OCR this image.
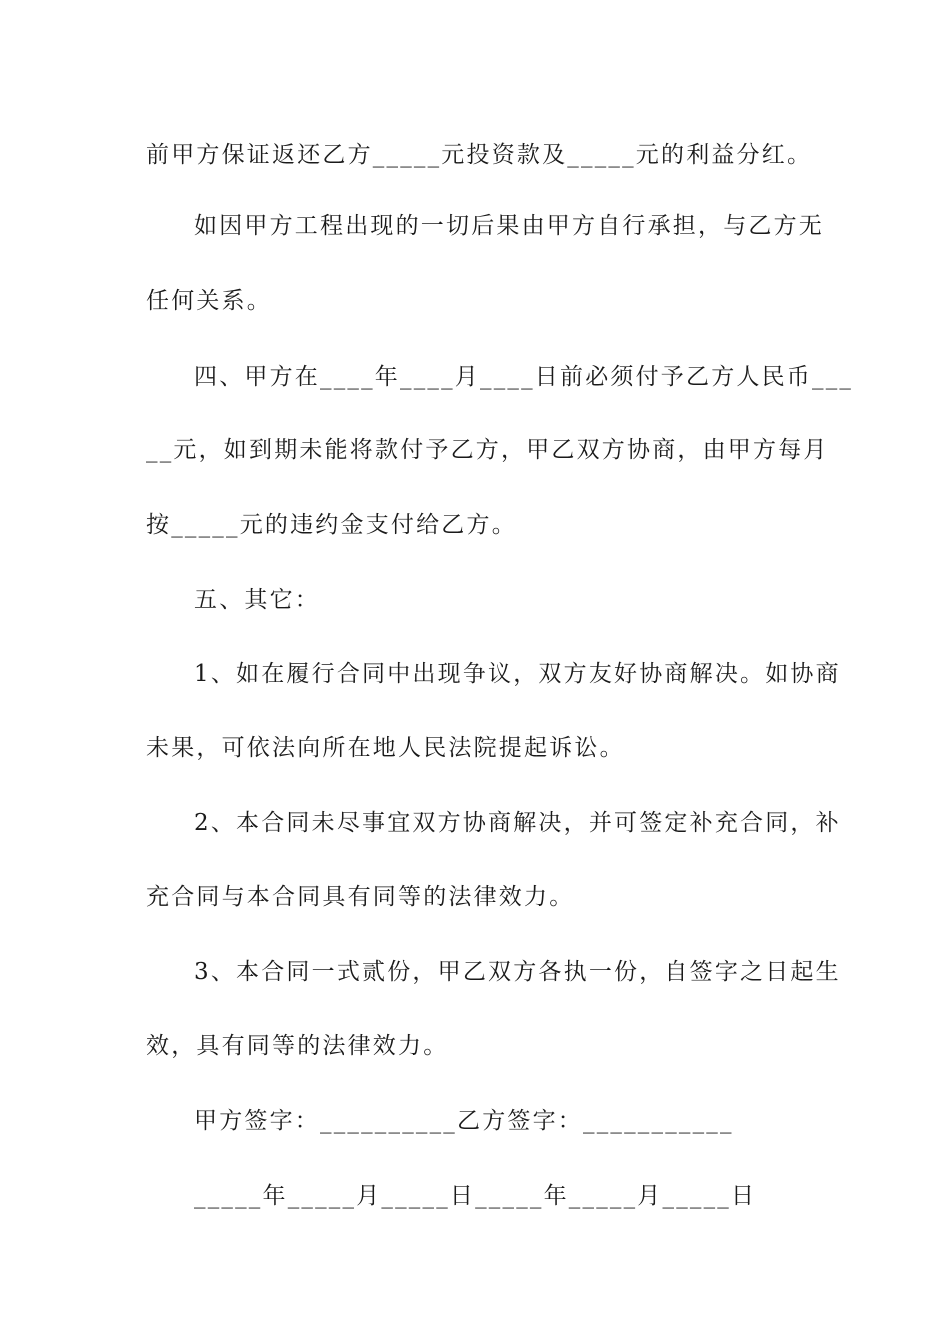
前甲方保证返还乙方_____元投资款及_____元的利益分红。
如因甲方工程出现的一切后果由甲方自行承担，与乙方无
任何关系。
四、甲方在____年____月____日前必须付予乙方人民币___
__元，如到期未能将款付予乙方，甲乙双方协商，由甲方每月
按_____元的违约金支付给乙方。
五、其它：
1、如在履行合同中出现争议，双方友好协商解决。如协商
未果，可依法向所在地人民法院提起诉讼。
2、本合同未尽事宜双方协商解决，并可签定补充合同，补
充合同与本合同具有同等的法律效力。
3、本合同一式贰份，甲乙双方各执一份，自签字之日起生
效，具有同等的法律效力。
甲方签字：__________乙方签字：___________
_____年_____月_____日_____年_____月_____日
